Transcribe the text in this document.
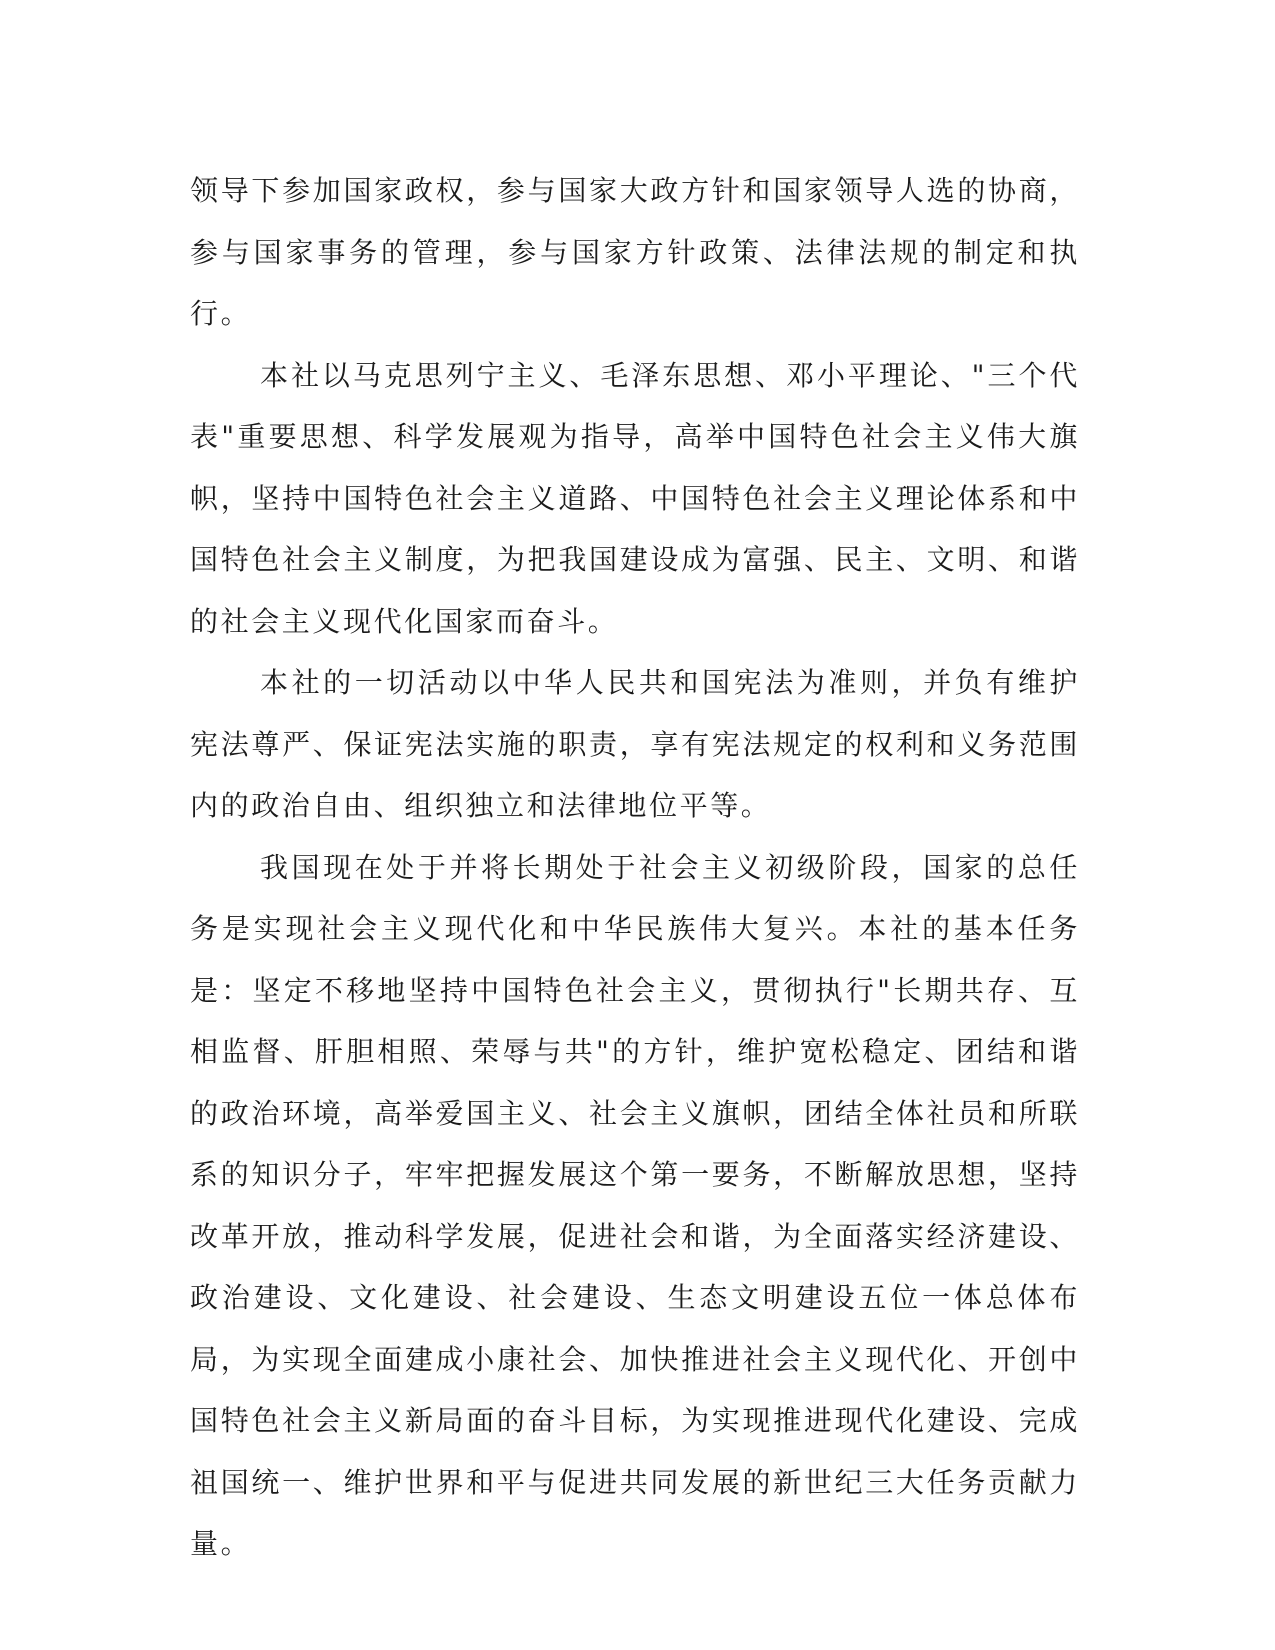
领导下参加国家政权，参与国家大政方针和国家领导人选的协商，参与国家事务的管理，参与国家方针政策、法律法规的制定和执行。

本社以马克思列宁主义、毛泽东思想、邓小平理论、"三个代表"重要思想、科学发展观为指导，高举中国特色社会主义伟大旗帜，坚持中国特色社会主义道路、中国特色社会主义理论体系和中国特色社会主义制度，为把我国建设成为富强、民主、文明、和谐的社会主义现代化国家而奋斗。

本社的一切活动以中华人民共和国宪法为准则，并负有维护宪法尊严、保证宪法实施的职责，享有宪法规定的权利和义务范围内的政治自由、组织独立和法律地位平等。

我国现在处于并将长期处于社会主义初级阶段，国家的总任务是实现社会主义现代化和中华民族伟大复兴。本社的基本任务是：坚定不移地坚持中国特色社会主义，贯彻执行"长期共存、互相监督、肝胆相照、荣辱与共"的方针，维护宽松稳定、团结和谐的政治环境，高举爱国主义、社会主义旗帜，团结全体社员和所联系的知识分子，牢牢把握发展这个第一要务，不断解放思想，坚持改革开放，推动科学发展，促进社会和谐，为全面落实经济建设、政治建设、文化建设、社会建设、生态文明建设五位一体总体布局，为实现全面建成小康社会、加快推进社会主义现代化、开创中国特色社会主义新局面的奋斗目标，为实现推进现代化建设、完成祖国统一、维护世界和平与促进共同发展的新世纪三大任务贡献力量。
